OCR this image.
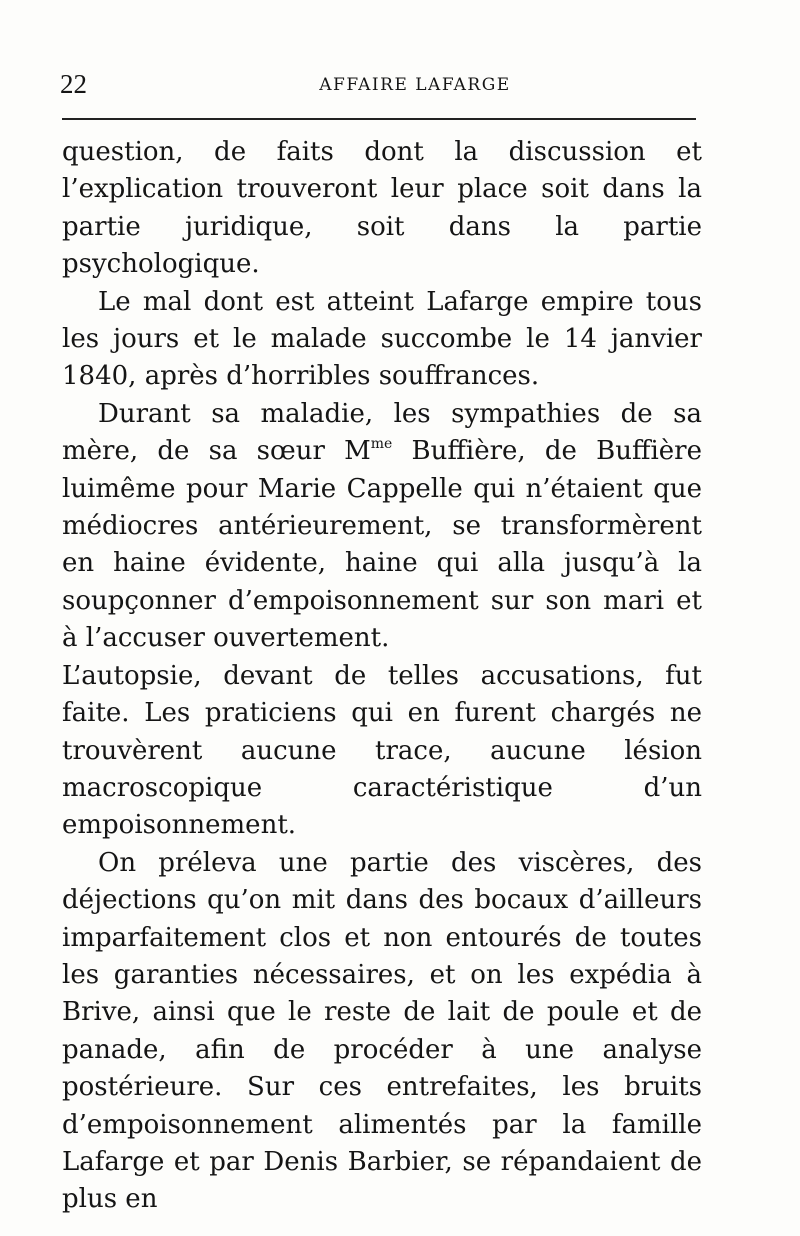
22	AFFAIRE LAFARGE

question, de faits dont la discussion et l’explication trouveront leur place soit dans la partie juridique, soit dans la partie psychologique.

Le mal dont est atteint Lafarge empire tous les jours et le malade succombe le 14 janvier 1840, après d’horribles souffrances.

Durant sa maladie, les sympathies de sa mère, de sa sœur $M^{me}$ Buffière, de Buffière luimême pour Marie Cappelle qui n’étaient que médiocres antérieurement, se transformèrent en haine évidente, haine qui alla jusqu’à la soupçonner d’empoisonnement sur son mari et à l’accuser ouvertement.

L’autopsie, devant de telles accusations, fut faite. Les praticiens qui en furent chargés ne trouvèrent aucune trace, aucune lésion macroscopique caractéristique d’un empoisonnement.

On préleva une partie des viscères, des déjections qu’on mit dans des bocaux d’ailleurs imparfaitement clos et non entourés de toutes les garanties nécessaires, et on les expédia à Brive, ainsi que le reste de lait de poule et de panade, afin de procéder à une analyse postérieure. Sur ces entrefaites, les bruits d’empoisonnement alimentés par la famille Lafarge et par Denis Barbier, se répandaient de plus en
